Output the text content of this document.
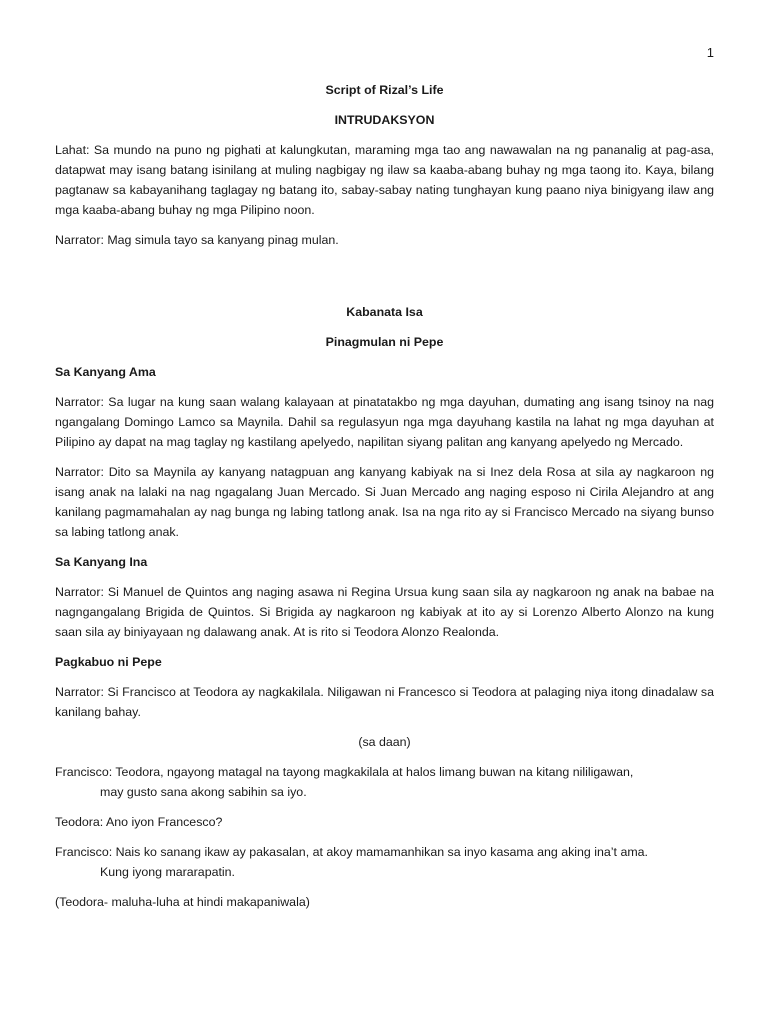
1

Script of Rizal’s Life

INTRUDAKSYON

Lahat: Sa mundo na puno ng pighati at kalungkutan, maraming mga tao ang nawawalan na ng pananalig at pag-asa, datapwat may isang batang isinilang at muling nagbigay ng ilaw sa kaaba-abang buhay ng mga taong ito. Kaya, bilang pagtanaw sa kabayanihang taglagay ng batang ito, sabay-sabay nating tunghayan kung paano niya binigyang ilaw ang mga kaaba-abang buhay ng mga Pilipino noon.

Narrator: Mag simula tayo sa kanyang pinag mulan.

Kabanata Isa

Pinagmulan ni Pepe

Sa Kanyang Ama

Narrator: Sa lugar na kung saan walang kalayaan at pinatatakbo ng mga dayuhan, dumating ang isang tsinoy na nag ngangalang Domingo Lamco sa Maynila. Dahil sa regulasyun nga mga dayuhang kastila na lahat ng mga dayuhan at Pilipino ay dapat na mag taglay ng kastilang apelyedo, napilitan siyang palitan ang kanyang apelyedo ng Mercado.

Narrator: Dito sa Maynila ay kanyang natagpuan ang kanyang kabiyak na si Inez dela Rosa at sila ay nagkaroon ng isang anak na lalaki na nag ngagalang Juan Mercado. Si Juan Mercado ang naging esposo ni Cirila Alejandro at ang kanilang pagmamahalan ay nag bunga ng labing tatlong anak. Isa na nga rito ay si Francisco Mercado na siyang bunso sa labing tatlong anak.

Sa Kanyang Ina

Narrator: Si Manuel de Quintos ang naging asawa ni Regina Ursua kung saan sila ay nagkaroon ng anak na babae na nagngangalang Brigida de Quintos. Si Brigida ay nagkaroon ng kabiyak at ito ay si Lorenzo Alberto Alonzo na kung saan sila ay biniyayaan ng dalawang anak. At is rito si Teodora Alonzo Realonda.

Pagkabuo ni Pepe

Narrator: Si Francisco at Teodora ay nagkakilala. Niligawan ni Francesco si Teodora at palaging niya itong dinadalaw sa kanilang bahay.

(sa daan)

Francisco: Teodora, ngayong matagal na tayong magkakilala at halos limang buwan na kitang nililigawan,
may gusto sana akong sabihin sa iyo.

Teodora: Ano iyon Francesco?

Francisco: Nais ko sanang ikaw ay pakasalan, at akoy mamamanhikan sa inyo kasama ang aking ina’t ama.
Kung iyong mararapatin.

(Teodora- maluha-luha at hindi makapaniwala)
